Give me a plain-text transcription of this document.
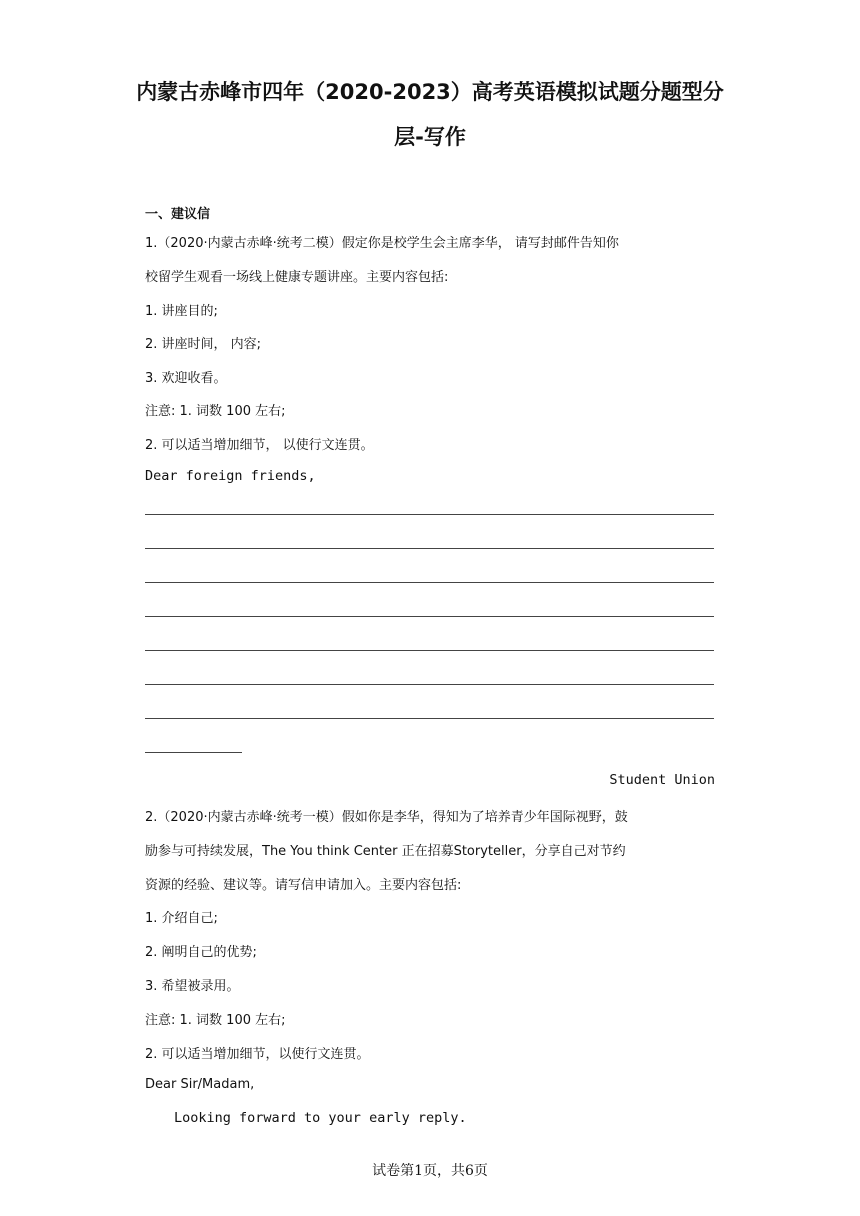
内蒙古赤峰市四年（2020-2023）高考英语模拟试题分题型分
层-写作
一、建议信
1.（2020·内蒙古赤峰·统考二模）假定你是校学生会主席李华， 请写封邮件告知你
校留学生观看一场线上健康专题讲座。主要内容包括:
1. 讲座目的;
2. 讲座时间， 内容;
3. 欢迎收看。
注意: 1. 词数 100 左右;
2. 可以适当增加细节， 以使行文连贯。
Dear foreign friends,
Student Union
2.（2020·内蒙古赤峰·统考一模）假如你是李华，得知为了培养青少年国际视野，鼓
励参与可持续发展，The You think Center 正在招募Storyteller，分享自己对节约
资源的经验、建议等。请写信申请加入。主要内容包括:
1. 介绍自己;
2. 阐明自己的优势;
3. 希望被录用。
注意: 1. 词数 100 左右;
2. 可以适当增加细节，以使行文连贯。
Dear Sir/Madam,
Looking forward to your early reply.
试卷第1页，共6页
